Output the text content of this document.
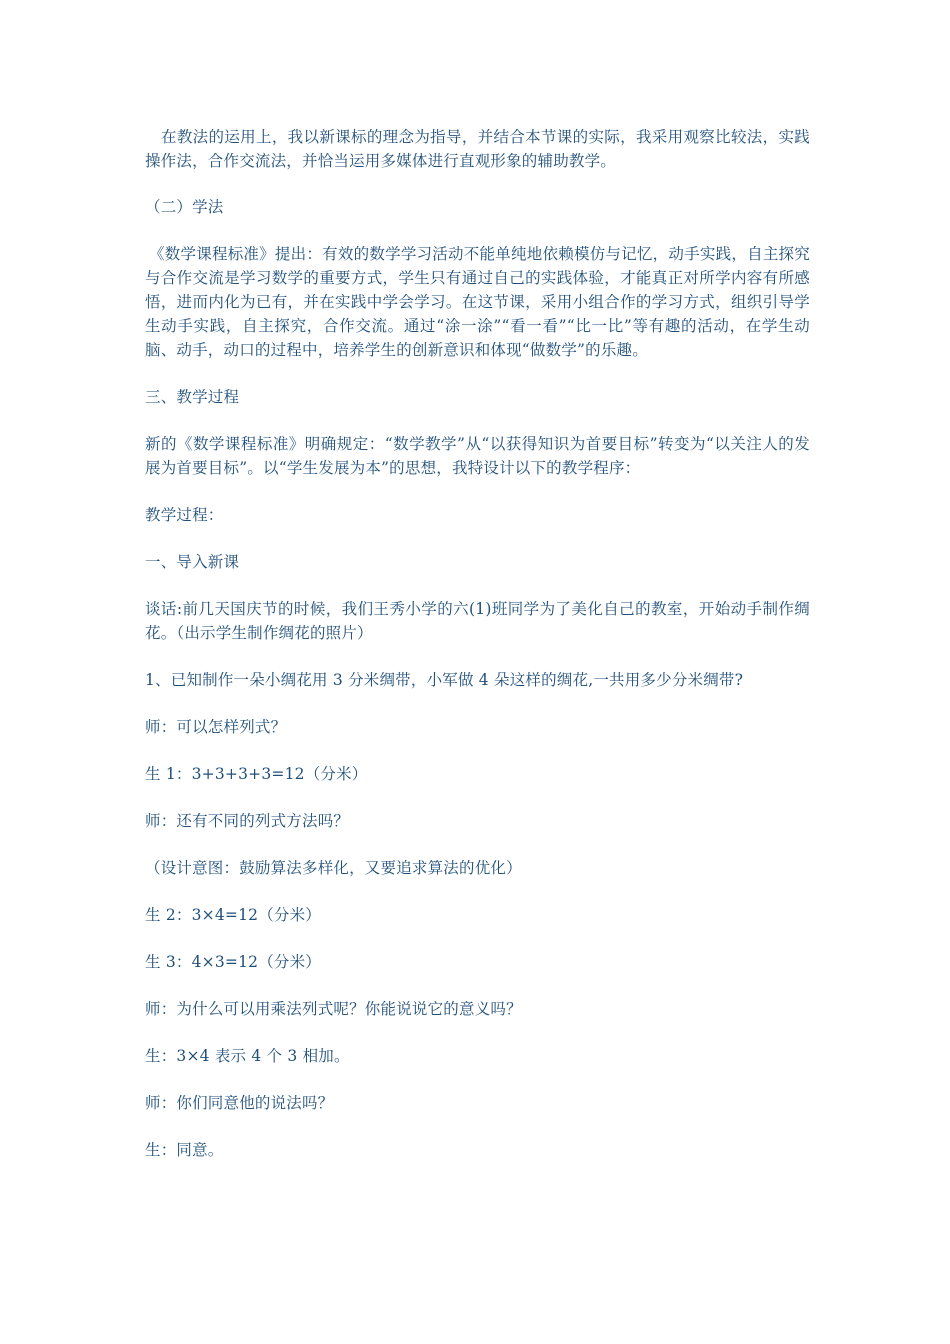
在教法的运用上，我以新课标的理念为指导，并结合本节课的实际，我采用观察比较法，实践操作法，合作交流法，并恰当运用多媒体进行直观形象的辅助教学。

（二）学法

《数学课程标准》提出：有效的数学学习活动不能单纯地依赖模仿与记忆，动手实践，自主探究与合作交流是学习数学的重要方式，学生只有通过自己的实践体验，才能真正对所学内容有所感悟，进而内化为已有，并在实践中学会学习。在这节课，采用小组合作的学习方式，组织引导学生动手实践，自主探究，合作交流。通过“涂一涂”“看一看”“比一比”等有趣的活动，在学生动脑、动手，动口的过程中，培养学生的创新意识和体现“做数学”的乐趣。

三、教学过程

新的《数学课程标准》明确规定：“数学教学”从“以获得知识为首要目标”转变为“以关注人的发展为首要目标”。以“学生发展为本”的思想，我特设计以下的教学程序：

教学过程：

一、导入新课

谈话:前几天国庆节的时候，我们王秀小学的六(1)班同学为了美化自己的教室，开始动手制作绸花。（出示学生制作绸花的照片）

1、已知制作一朵小绸花用 3 分米绸带，小军做 4 朵这样的绸花,一共用多少分米绸带?

师：可以怎样列式？

生 1：3+3+3+3=12（分米）

师：还有不同的列式方法吗？

（设计意图：鼓励算法多样化，又要追求算法的优化）

生 2：3×4=12（分米）

生 3：4×3=12（分米）

师：为什么可以用乘法列式呢？你能说说它的意义吗？

生：3×4 表示 4 个 3 相加。

师：你们同意他的说法吗？

生：同意。
